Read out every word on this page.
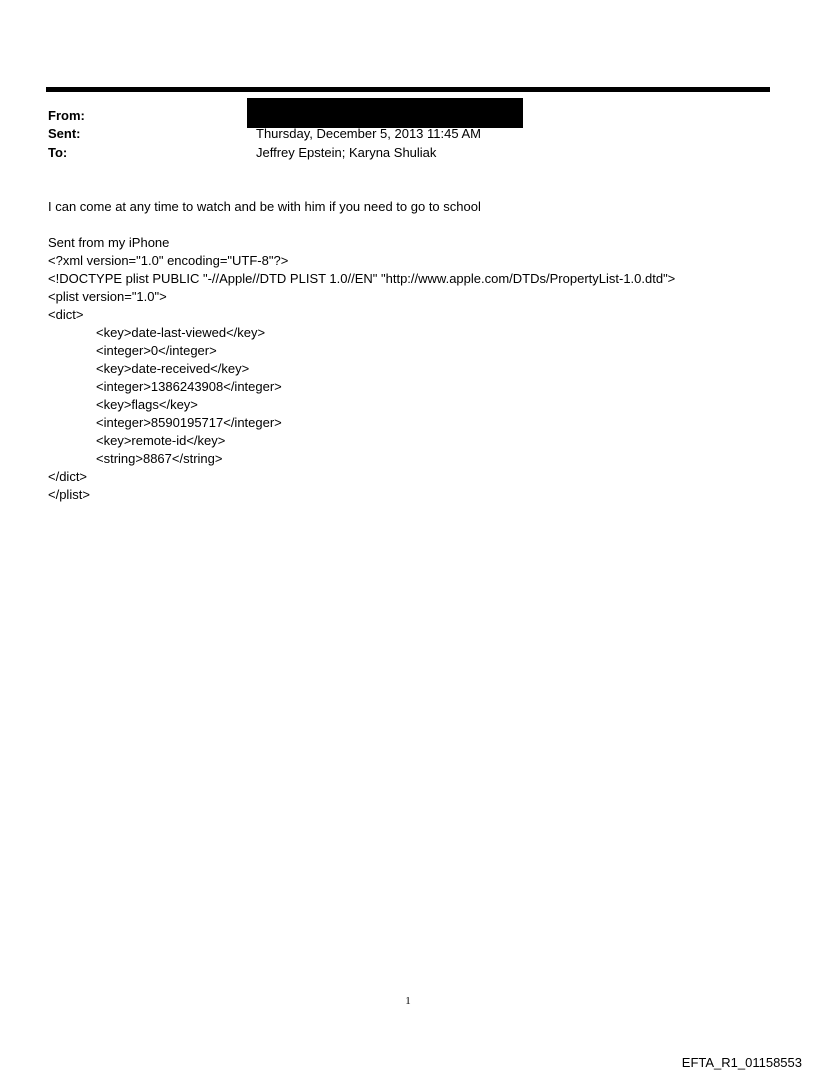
From:
Sent:	Thursday, December 5, 2013 11:45 AM
To:	Jeffrey Epstein; Karyna Shuliak
I can come at any time to watch and be with him if you need to go to school
Sent from my iPhone
<?xml version="1.0" encoding="UTF-8"?>
<!DOCTYPE plist PUBLIC "-//Apple//DTD PLIST 1.0//EN" "http://www.apple.com/DTDs/PropertyList-1.0.dtd">
<plist version="1.0">
<dict>
<key>date-last-viewed</key>
<integer>0</integer>
<key>date-received</key>
<integer>1386243908</integer>
<key>flags</key>
<integer>8590195717</integer>
<key>remote-id</key>
<string>8867</string>
</dict>
</plist>
1
EFTA_R1_01158553
